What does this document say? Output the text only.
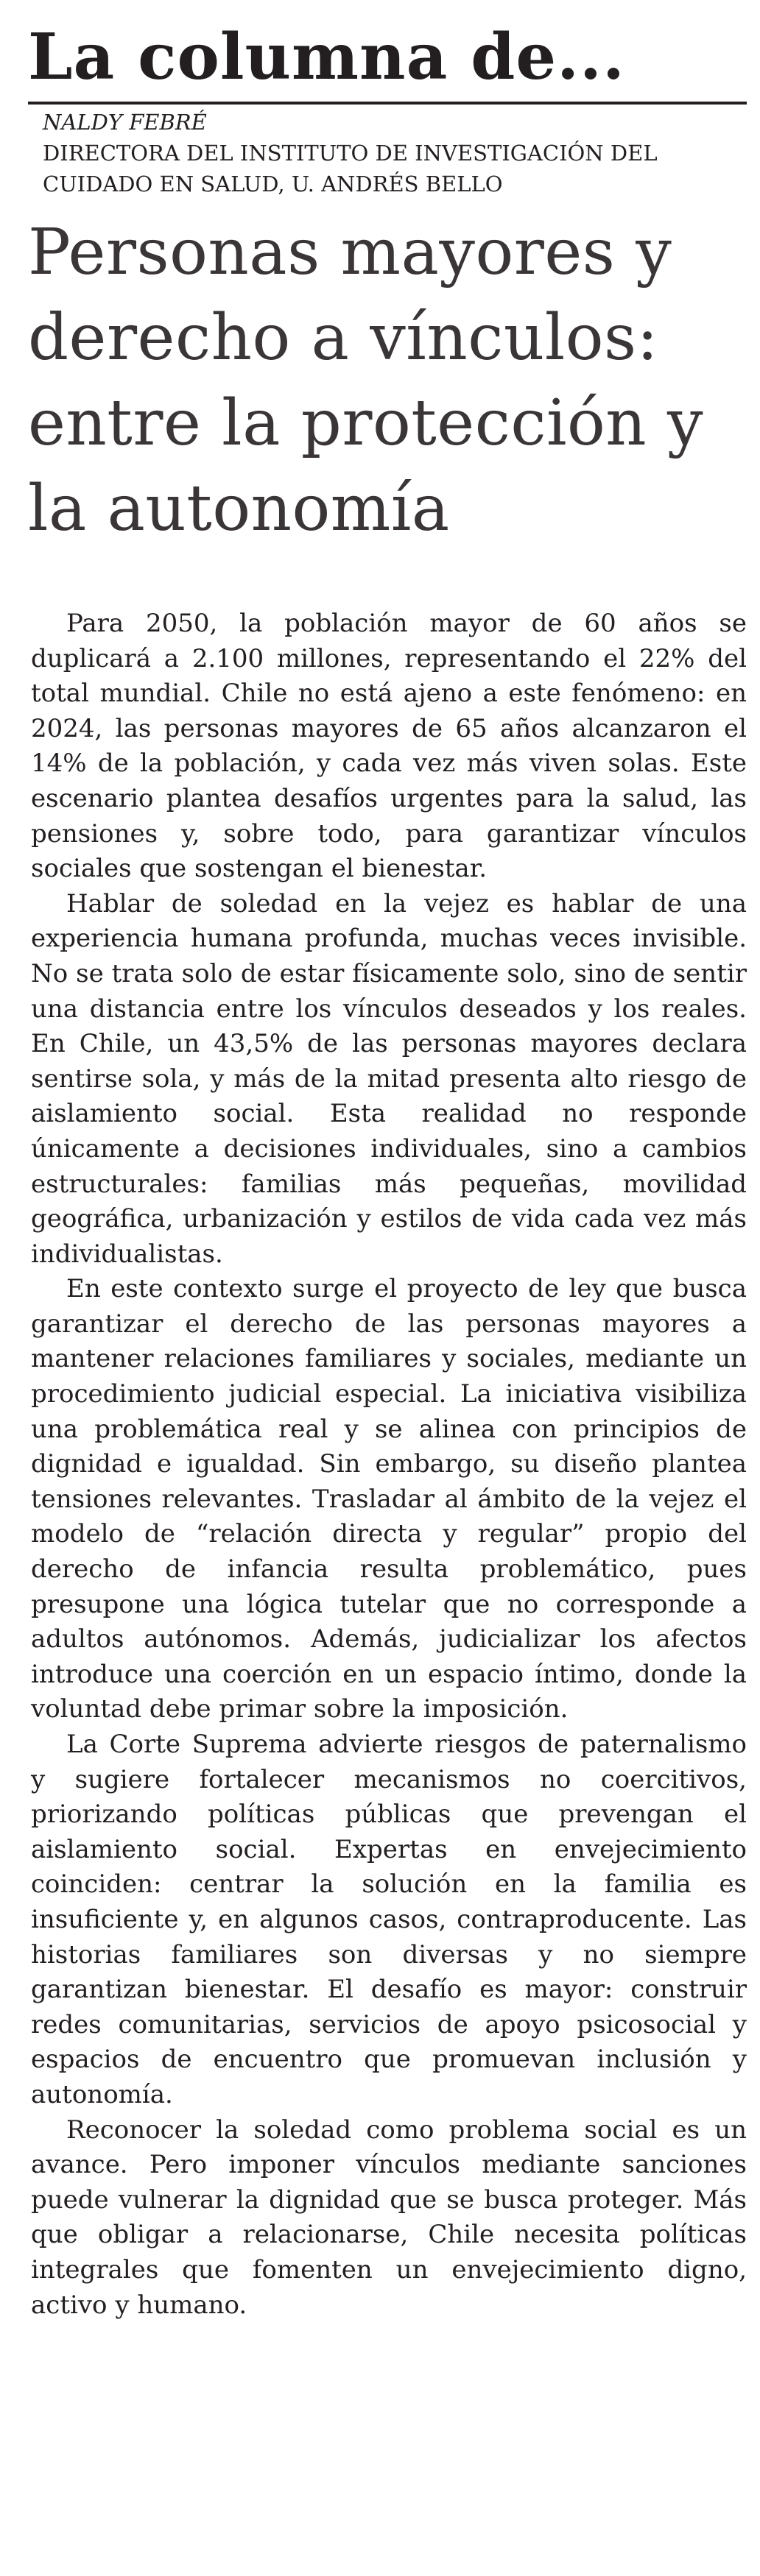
La columna de...
NALDY FEBRÉ
DIRECTORA DEL INSTITUTO DE INVESTIGACIÓN DEL CUIDADO EN SALUD, U. ANDRÉS BELLO
Personas mayores y derecho a vínculos: entre la protección y la autonomía

Para 2050, la población mayor de 60 años se duplicará a 2.100 millones, representando el 22% del total mundial. Chile no está ajeno a este fenómeno: en 2024, las personas mayores de 65 años alcanzaron el 14% de la población, y cada vez más viven solas. Este escenario plantea desafíos urgentes para la salud, las pensiones y, sobre todo, para garantizar vínculos sociales que sostengan el bienestar.

Hablar de soledad en la vejez es hablar de una experiencia humana profunda, muchas veces invisible. No se trata solo de estar físicamente solo, sino de sentir una distancia entre los vínculos deseados y los reales. En Chile, un 43,5% de las personas mayores declara sentirse sola, y más de la mitad presenta alto riesgo de aislamiento social. Esta realidad no responde únicamente a decisiones individuales, sino a cambios estructurales: familias más pequeñas, movilidad geográfica, urbanización y estilos de vida cada vez más individualistas.

En este contexto surge el proyecto de ley que busca garantizar el derecho de las personas mayores a mantener relaciones familiares y sociales, mediante un procedimiento judicial especial. La iniciativa visibiliza una problemática real y se alinea con principios de dignidad e igualdad. Sin embargo, su diseño plantea tensiones relevantes. Trasladar al ámbito de la vejez el modelo de “relación directa y regular” propio del derecho de infancia resulta problemático, pues presupone una lógica tutelar que no corresponde a adultos autónomos. Además, judicializar los afectos introduce una coerción en un espacio íntimo, donde la voluntad debe primar sobre la imposición.

La Corte Suprema advierte riesgos de paternalismo y sugiere fortalecer mecanismos no coercitivos, priorizando políticas públicas que prevengan el aislamiento social. Expertas en envejecimiento coinciden: centrar la solución en la familia es insuficiente y, en algunos casos, contraproducente. Las historias familiares son diversas y no siempre garantizan bienestar. El desafío es mayor: construir redes comunitarias, servicios de apoyo psicosocial y espacios de encuentro que promuevan inclusión y autonomía.

Reconocer la soledad como problema social es un avance. Pero imponer vínculos mediante sanciones puede vulnerar la dignidad que se busca proteger. Más que obligar a relacionarse, Chile necesita políticas integrales que fomenten un envejecimiento digno, activo y humano.
